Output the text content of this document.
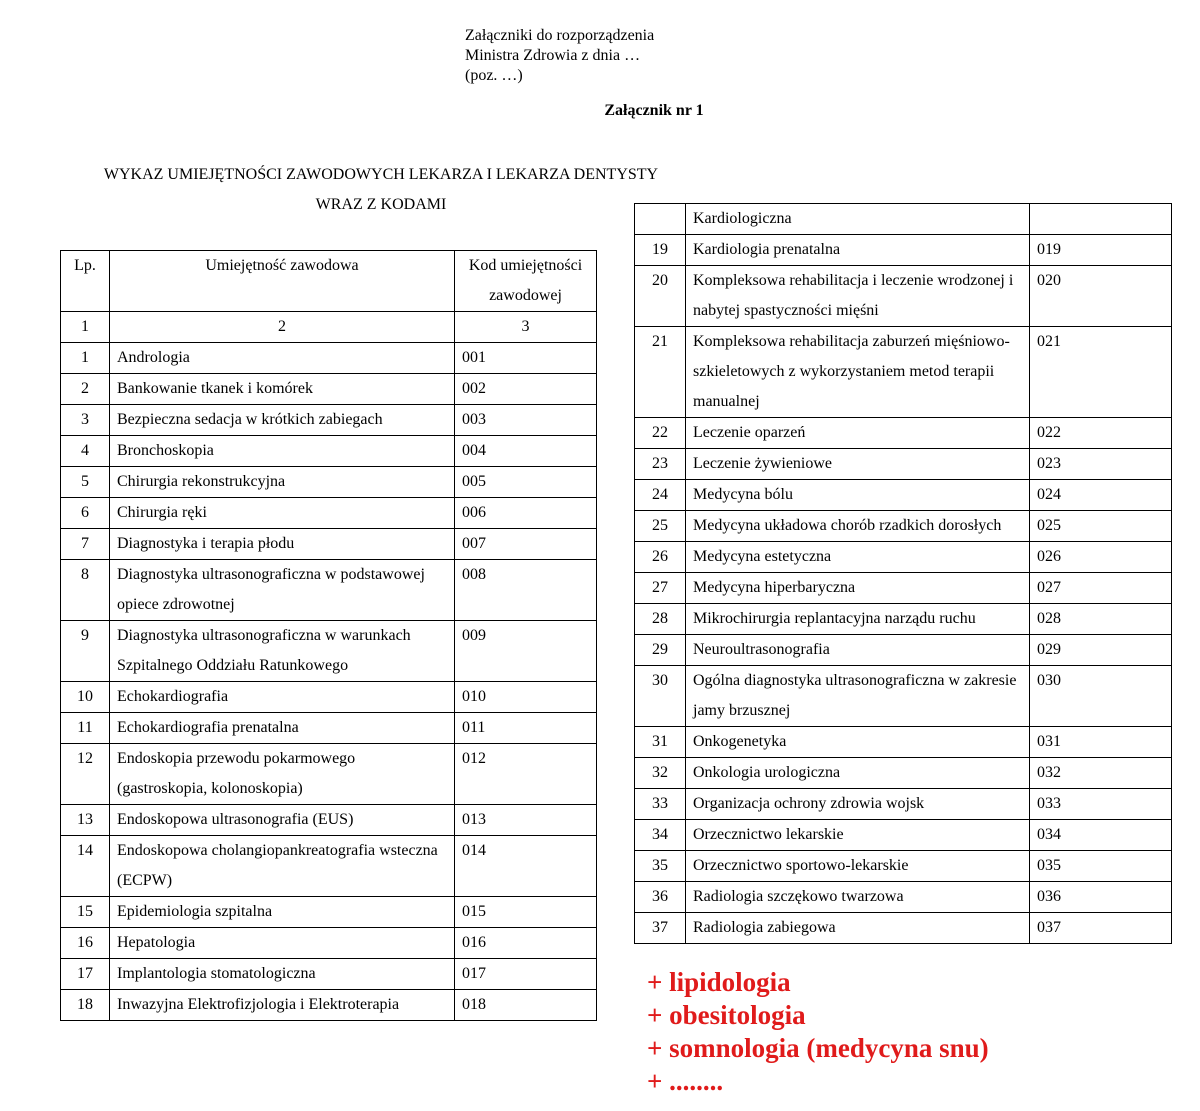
Załączniki do rozporządzenia
Ministra Zdrowia z dnia …
(poz. …)
Załącznik nr 1
WYKAZ UMIEJĘTNOŚCI ZAWODOWYCH LEKARZA I LEKARZA DENTYSTY
WRAZ Z KODAMI
Lp.	Umiejętność zawodowa	Kod umiejętności
zawodowej

1	2	3
1	Andrologia	001
2	Bankowanie tkanek i komórek	002
3	Bezpieczna sedacja w krótkich zabiegach	003
4	Bronchoskopia	004
5	Chirurgia rekonstrukcyjna	005
6	Chirurgia ręki	006
7	Diagnostyka i terapia płodu	007
8	Diagnostyka ultrasonograficzna w podstawowej opiece zdrowotnej	008
9	Diagnostyka ultrasonograficzna w warunkach Szpitalnego Oddziału Ratunkowego	009
10	Echokardiografia	010
11	Echokardiografia prenatalna	011
12	Endoskopia przewodu pokarmowego (gastroskopia, kolonoskopia)	012
13	Endoskopowa ultrasonografia (EUS)	013
14	Endoskopowa cholangiopankreatografia wsteczna (ECPW)	014
15	Epidemiologia szpitalna	015
16	Hepatologia	016
17	Implantologia stomatologiczna	017
18	Inwazyjna Elektrofizjologia i Elektroterapia	018
	Kardiologiczna	
19	Kardiologia prenatalna	019
20	Kompleksowa rehabilitacja i leczenie wrodzonej i nabytej spastyczności mięśni	020
21	Kompleksowa rehabilitacja zaburzeń mięśniowo-szkieletowych z wykorzystaniem metod terapii manualnej	021
22	Leczenie oparzeń	022
23	Leczenie żywieniowe	023
24	Medycyna bólu	024
25	Medycyna układowa chorób rzadkich dorosłych	025
26	Medycyna estetyczna	026
27	Medycyna hiperbaryczna	027
28	Mikrochirurgia replantacyjna narządu ruchu	028
29	Neuroultrasonografia	029
30	Ogólna diagnostyka ultrasonograficzna w zakresie jamy brzusznej	030
31	Onkogenetyka	031
32	Onkologia urologiczna	032
33	Organizacja ochrony zdrowia wojsk	033
34	Orzecznictwo lekarskie	034
35	Orzecznictwo sportowo-lekarskie	035
36	Radiologia szczękowo twarzowa	036
37	Radiologia zabiegowa	037
+ lipidologia
+ obesitologia
+ somnologia (medycyna snu)
+ ........
